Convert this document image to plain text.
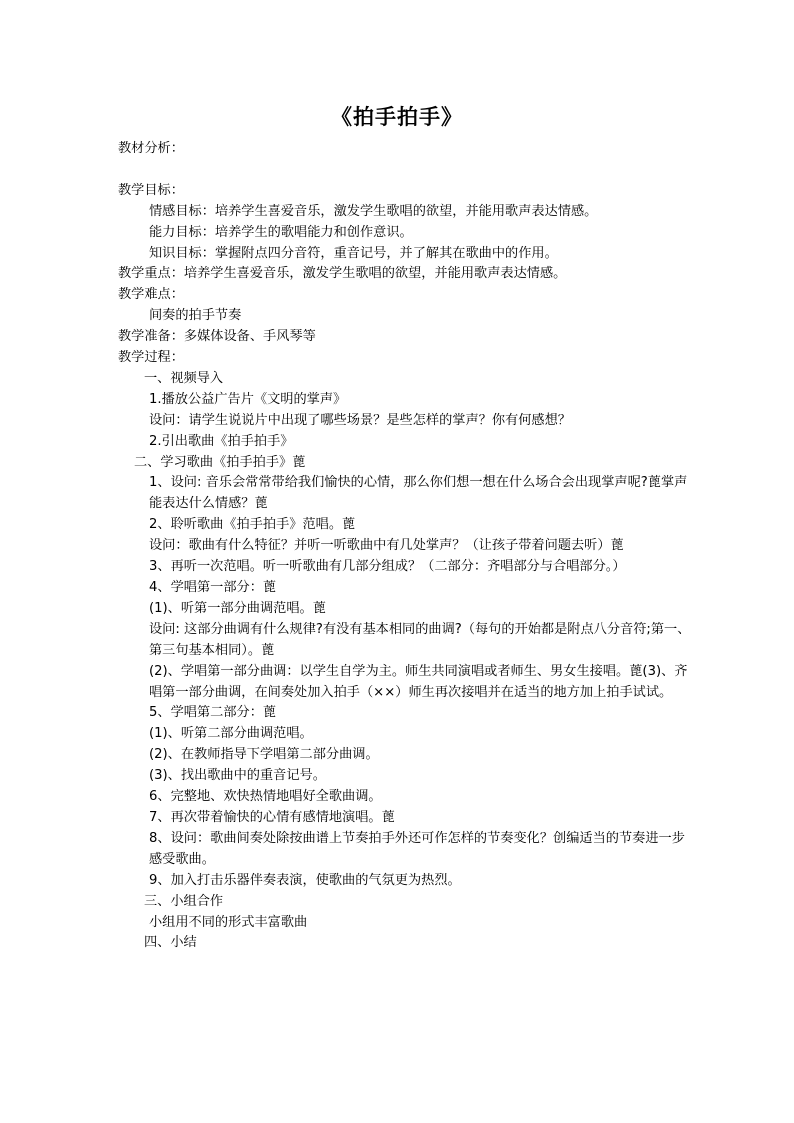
《拍手拍手》

教材分析：

教学目标：

情感目标：培养学生喜爱音乐，激发学生歌唱的欲望，并能用歌声表达情感。

能力目标：培养学生的歌唱能力和创作意识。

知识目标：掌握附点四分音符，重音记号，并了解其在歌曲中的作用。

教学重点：培养学生喜爱音乐，激发学生歌唱的欲望，并能用歌声表达情感。

教学难点：

间奏的拍手节奏

教学准备：多媒体设备、手风琴等

教学过程：

一、视频导入

1.播放公益广告片《文明的掌声》

设问：请学生说说片中出现了哪些场景？是些怎样的掌声？你有何感想？

2.引出歌曲《拍手拍手》

二、学习歌曲《拍手拍手》蓖

1、设问: 音乐会常常带给我们愉快的心情，那么你们想一想在什么场合会出现掌声呢?蓖掌声能表达什么情感？蓖

2、聆听歌曲《拍手拍手》范唱。蓖

设问：歌曲有什么特征？并听一听歌曲中有几处掌声？（让孩子带着问题去听）蓖

3、再听一次范唱。听一听歌曲有几部分组成？（二部分：齐唱部分与合唱部分。）

4、学唱第一部分：蓖

(1)、听第一部分曲调范唱。蓖

设问: 这部分曲调有什么规律?有没有基本相同的曲调?（每句的开始都是附点八分音符;第一、第三句基本相同）。蓖

(2)、学唱第一部分曲调：以学生自学为主。师生共同演唱或者师生、男女生接唱。蓖(3)、齐唱第一部分曲调，在间奏处加入拍手（××）师生再次接唱并在适当的地方加上拍手试试。

5、学唱第二部分：蓖

(1)、听第二部分曲调范唱。

(2)、在教师指导下学唱第二部分曲调。

(3)、找出歌曲中的重音记号。

6、完整地、欢快热情地唱好全歌曲调。

7、再次带着愉快的心情有感情地演唱。蓖

8、设问：歌曲间奏处除按曲谱上节奏拍手外还可作怎样的节奏变化？创编适当的节奏进一步感受歌曲。

9、加入打击乐器伴奏表演，使歌曲的气氛更为热烈。

三、小组合作

小组用不同的形式丰富歌曲

四、小结
